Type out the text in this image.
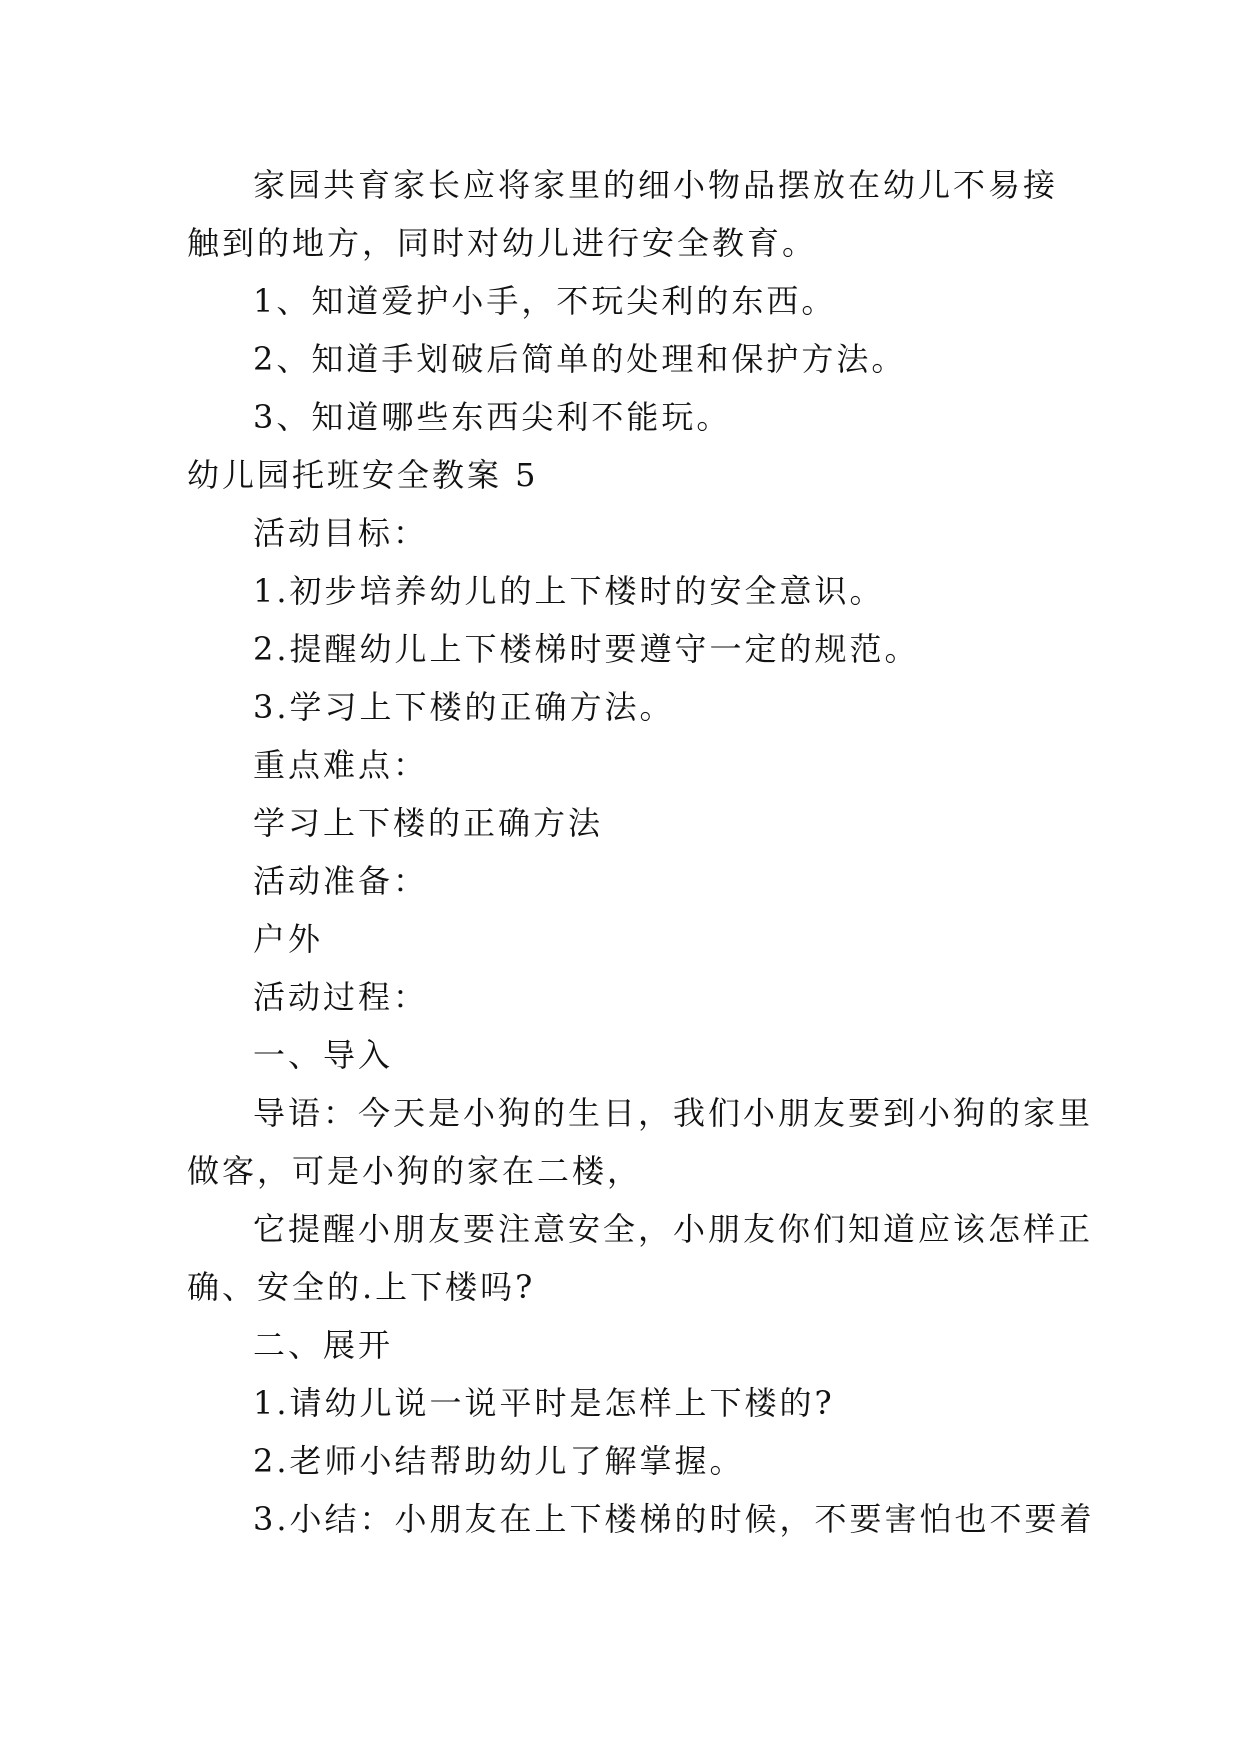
家园共育家长应将家里的细小物品摆放在幼儿不易接
触到的地方，同时对幼儿进行安全教育。
1、知道爱护小手，不玩尖利的东西。
2、知道手划破后简单的处理和保护方法。
3、知道哪些东西尖利不能玩。
幼儿园托班安全教案 5
活动目标：
1.初步培养幼儿的上下楼时的安全意识。
2.提醒幼儿上下楼梯时要遵守一定的规范。
3.学习上下楼的正确方法。
重点难点：
学习上下楼的正确方法
活动准备：
户外
活动过程：
一、导入
导语：今天是小狗的生日，我们小朋友要到小狗的家里
做客，可是小狗的家在二楼，
它提醒小朋友要注意安全，小朋友你们知道应该怎样正
确、安全的.上下楼吗?
二、展开
1.请幼儿说一说平时是怎样上下楼的?
2.老师小结帮助幼儿了解掌握。
3.小结：小朋友在上下楼梯的时候，不要害怕也不要着
